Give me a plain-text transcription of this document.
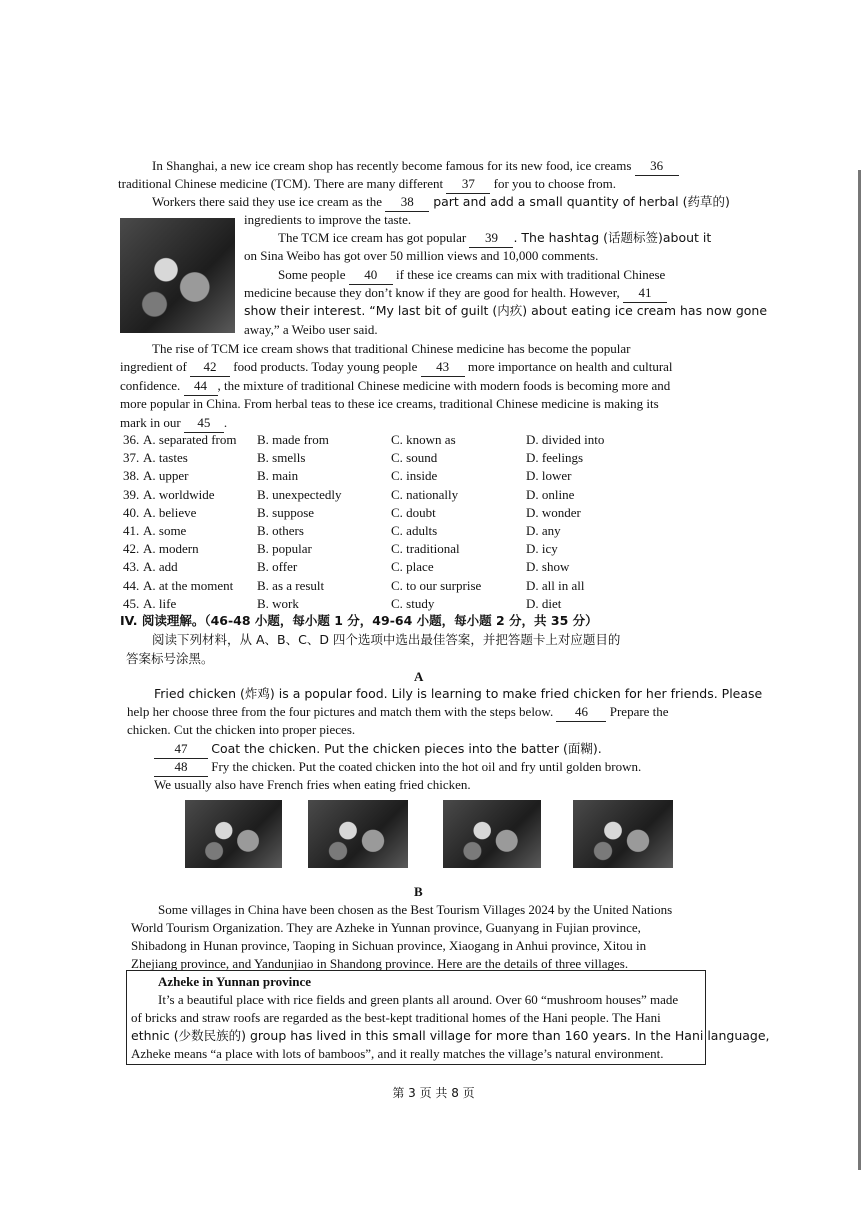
In Shanghai, a new ice cream shop has recently become famous for its new food, ice creams 36
traditional Chinese medicine (TCM). There are many different 37 for you to choose from.
Workers there said they use ice cream as the 38 part and add a small quantity of herbal (药草的)
ingredients to improve the taste.
The TCM ice cream has got popular 39 . The hashtag (话题标签)about it
on Sina Weibo has got over 50 million views and 10,000 comments.
Some people 40 if these ice creams can mix with traditional Chinese
medicine because they don’t know if they are good for health. However, 41
show their interest. “My last bit of guilt (内疚) about eating ice cream has now gone
away,” a Weibo user said.
The rise of TCM ice cream shows that traditional Chinese medicine has become the popular
ingredient of 42 food products. Today young people 43 more importance on health and cultural
confidence. 44 , the mixture of traditional Chinese medicine with modern foods is becoming more and
more popular in China. From herbal teas to these ice creams, traditional Chinese medicine is making its
mark in our 45 .
36. A. separated from B. made from	C. known as	D. divided into
37. A. tastes	B. smells	C. sound	D. feelings
38. A. upper	B. main	C. inside	D. lower
39. A. worldwide	B. unexpectedly	C. nationally	D. online
40. A. believe	B. suppose	C. doubt	D. wonder
41. A. some	B. others	C. adults	D. any
42. A. modern	B. popular	C. traditional	D. icy
43. A. add	B. offer	C. place	D. show
44. A. at the moment B. as a result	C. to our surprise	D. all in all
45. A. life	B. work	C. study	D. diet
IV. 阅读理解。（46-48 小题，每小题 1 分，49-64 小题，每小题 2 分，共 35 分）
阅读下列材料，从 A、B、C、D 四个选项中选出最佳答案，并把答题卡上对应题目的
答案标号涂黑。
A
Fried chicken (炸鸡) is a popular food. Lily is learning to make fried chicken for her friends. Please
help her choose three from the four pictures and match them with the steps below. 46 Prepare the
chicken. Cut the chicken into proper pieces.
47 Coat the chicken. Put the chicken pieces into the batter (面糊).
48 Fry the chicken. Put the coated chicken into the hot oil and fry until golden brown.
We usually also have French fries when eating fried chicken.
B
Some villages in China have been chosen as the Best Tourism Villages 2024 by the United Nations
World Tourism Organization. They are Azheke in Yunnan province, Guanyang in Fujian province,
Shibadong in Hunan province, Taoping in Sichuan province, Xiaogang in Anhui province, Xitou in
Zhejiang province, and Yandunjiao in Shandong province. Here are the details of three villages.
Azheke in Yunnan province
It’s a beautiful place with rice fields and green plants all around. Over 60 “mushroom houses” made
of bricks and straw roofs are regarded as the best-kept traditional homes of the Hani people. The Hani
ethnic (少数民族的) group has lived in this small village for more than 160 years. In the Hani language,
Azheke means “a place with lots of bamboos”, and it really matches the village’s natural environment.
第 3 页 共 8 页
